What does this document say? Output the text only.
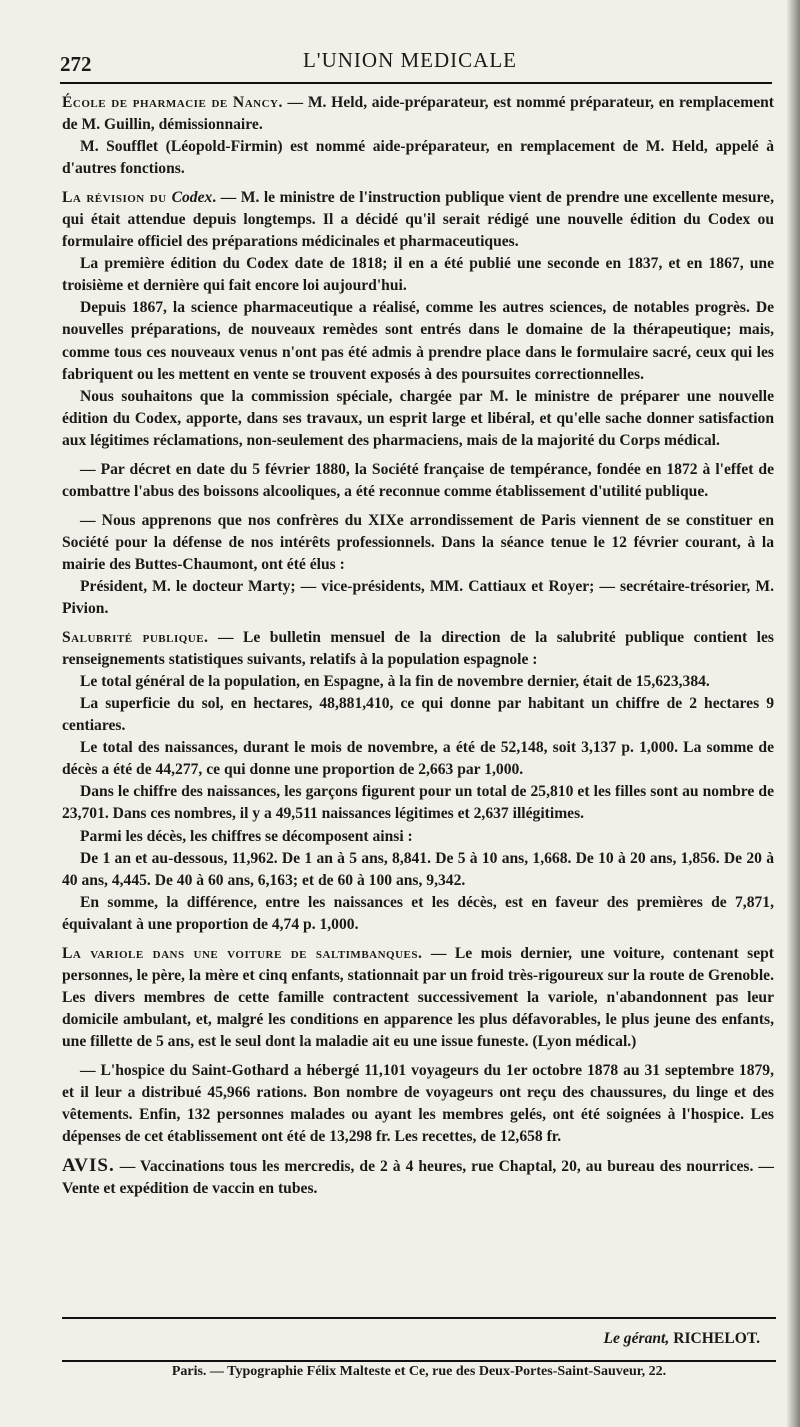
272	L'UNION MEDICALE

École de pharmacie de Nancy. — M. Held, aide-préparateur, est nommé préparateur, en remplacement de M. Guillin, démissionnaire.

M. Soufflet (Léopold-Firmin) est nommé aide-préparateur, en remplacement de M. Held, appelé à d'autres fonctions.

La révision du Codex. — M. le ministre de l'instruction publique vient de prendre une excellente mesure, qui était attendue depuis longtemps. Il a décidé qu'il serait rédigé une nouvelle édition du Codex ou formulaire officiel des préparations médicinales et pharmaceutiques.

La première édition du Codex date de 1818; il en a été publié une seconde en 1837, et en 1867, une troisième et dernière qui fait encore loi aujourd'hui.

Depuis 1867, la science pharmaceutique a réalisé, comme les autres sciences, de notables progrès. De nouvelles préparations, de nouveaux remèdes sont entrés dans le domaine de la thérapeutique; mais, comme tous ces nouveaux venus n'ont pas été admis à prendre place dans le formulaire sacré, ceux qui les fabriquent ou les mettent en vente se trouvent exposés à des poursuites correctionnelles.

Nous souhaitons que la commission spéciale, chargée par M. le ministre de préparer une nouvelle édition du Codex, apporte, dans ses travaux, un esprit large et libéral, et qu'elle sache donner satisfaction aux légitimes réclamations, non-seulement des pharmaciens, mais de la majorité du Corps médical.

— Par décret en date du 5 février 1880, la Société française de tempérance, fondée en 1872 à l'effet de combattre l'abus des boissons alcooliques, a été reconnue comme établissement d'utilité publique.

— Nous apprenons que nos confrères du XIXe arrondissement de Paris viennent de se constituer en Société pour la défense de nos intérêts professionnels. Dans la séance tenue le 12 février courant, à la mairie des Buttes-Chaumont, ont été élus :

Président, M. le docteur Marty; — vice-présidents, MM. Cattiaux et Royer; — secrétaire-trésorier, M. Pivion.

Salubrité publique. — Le bulletin mensuel de la direction de la salubrité publique contient les renseignements statistiques suivants, relatifs à la population espagnole :

Le total général de la population, en Espagne, à la fin de novembre dernier, était de 15,623,384.

La superficie du sol, en hectares, 48,881,410, ce qui donne par habitant un chiffre de 2 hectares 9 centiares.

Le total des naissances, durant le mois de novembre, a été de 52,148, soit 3,137 p. 1,000. La somme de décès a été de 44,277, ce qui donne une proportion de 2,663 par 1,000.

Dans le chiffre des naissances, les garçons figurent pour un total de 25,810 et les filles sont au nombre de 23,701. Dans ces nombres, il y a 49,511 naissances légitimes et 2,637 illégitimes.

Parmi les décès, les chiffres se décomposent ainsi :

De 1 an et au-dessous, 11,962. De 1 an à 5 ans, 8,841. De 5 à 10 ans, 1,668. De 10 à 20 ans, 1,856. De 20 à 40 ans, 4,445. De 40 à 60 ans, 6,163; et de 60 à 100 ans, 9,342.

En somme, la différence, entre les naissances et les décès, est en faveur des premières de 7,871, équivalant à une proportion de 4,74 p. 1,000.

La variole dans une voiture de saltimbanques. — Le mois dernier, une voiture, contenant sept personnes, le père, la mère et cinq enfants, stationnait par un froid très-rigoureux sur la route de Grenoble. Les divers membres de cette famille contractent successivement la variole, n'abandonnent pas leur domicile ambulant, et, malgré les conditions en apparence les plus défavorables, le plus jeune des enfants, une fillette de 5 ans, est le seul dont la maladie ait eu une issue funeste. (Lyon médical.)

— L'hospice du Saint-Gothard a hébergé 11,101 voyageurs du 1er octobre 1878 au 31 septembre 1879, et il leur a distribué 45,966 rations. Bon nombre de voyageurs ont reçu des chaussures, du linge et des vêtements. Enfin, 132 personnes malades ou ayant les membres gelés, ont été soignées à l'hospice. Les dépenses de cet établissement ont été de 13,298 fr. Les recettes, de 12,658 fr.

AVIS. — Vaccinations tous les mercredis, de 2 à 4 heures, rue Chaptal, 20, au bureau des nourrices. — Vente et expédition de vaccin en tubes.

Le gérant, RICHELOT.
Paris. — Typographie Félix Malteste et Ce, rue des Deux-Portes-Saint-Sauveur, 22.
